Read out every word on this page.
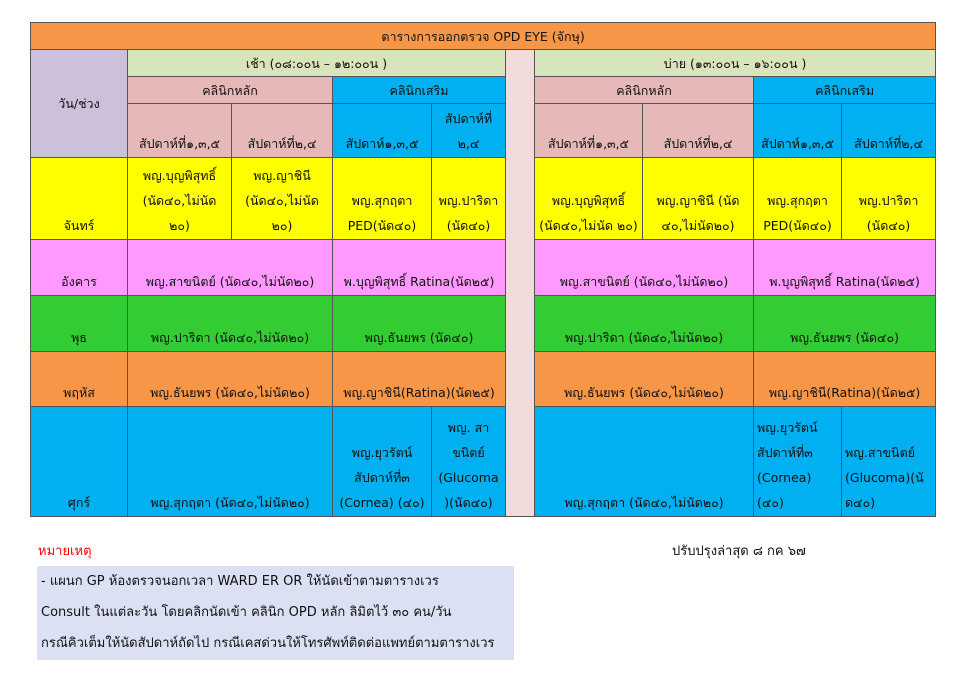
ตารางการออกตรวจ OPD EYE (จักษุ)									
วัน/ช่วง	เช้า (๐๘:๐๐น – ๑๒:๐๐น )					บ่าย (๑๓:๐๐น – ๑๖:๐๐น )			
	คลินิกหลัก		คลินิกเสริม			คลินิกหลัก		คลินิกเสริม	
	สัปดาห์ที่๑,๓,๕	สัปดาห์ที่๒,๔	สัปดาห์๑,๓,๕	สัปดาห์ที่ ๒,๔		สัปดาห์ที่๑,๓,๕	สัปดาห์ที่๒,๔	สัปดาห์๑,๓,๕	สัปดาห์ที่๒,๔
จันทร์	พญ.บุญพิสุทธิ์ (นัด๔๐,ไม่นัด ๒๐)	พญ.ญาชินี (นัด๔๐,ไม่นัด ๒๐)	พญ.สุกฤตา PED(นัด๔๐)	พญ.ปาริดา (นัด๔๐)		พญ.บุญพิสุทธิ์ (นัด๔๐,ไม่นัด ๒๐)	พญ.ญาชินี (นัด ๔๐,ไม่นัด๒๐)	พญ.สุกฤตา PED(นัด๔๐)	พญ.ปาริดา (นัด๔๐)
อังคาร	พญ.สาขนิตย์ (นัด๔๐,ไม่นัด๒๐)		พ.บุญพิสุทธิ์ Ratina(นัด๒๕)			พญ.สาขนิตย์ (นัด๔๐,ไม่นัด๒๐)		พ.บุญพิสุทธิ์ Ratina(นัด๒๕)	
พุธ	พญ.ปาริดา (นัด๔๐,ไม่นัด๒๐)		พญ.ธันยพร (นัด๔๐)			พญ.ปาริดา (นัด๔๐,ไม่นัด๒๐)		พญ.ธันยพร (นัด๔๐)	
พฤหัส	พญ.ธันยพร (นัด๔๐,ไม่นัด๒๐)		พญ.ญาชินี(Ratina)(นัด๒๕)			พญ.ธันยพร (นัด๔๐,ไม่นัด๒๐)		พญ.ญาชินี(Ratina)(นัด๒๕)	
ศุกร์	พญ.สุกฤตา (นัด๔๐,ไม่นัด๒๐)		พญ.ยุวรัตน์ สัปดาห์ที่๓ (Cornea) (๔๐)	พญ. สาขนิตย์ (Glucoma )(นัด๔๐)		พญ.สุกฤตา (นัด๔๐,ไม่นัด๒๐)		พญ.ยุวรัตน์ สัปดาห์ที่๓ (Cornea) (๔๐)	พญ.สาขนิตย์ (Glucoma)(นั ด๔๐)
หมายเหตุ	ปรับปรุงล่าสุด ๘ กค ๖๗
- แผนก GP ห้องตรวจนอกเวลา WARD ER OR ให้นัดเข้าตามตารางเวร
Consult ในแต่ละวัน โดยคลิกนัดเข้า คลินิก OPD หลัก ลิมิตไว้ ๓๐ คน/วัน
กรณีคิวเต็มให้นัดสัปดาห์ถัดไป กรณีเคสด่วนให้โทรศัพท์ติดต่อแพทย์ตามตารางเวร
